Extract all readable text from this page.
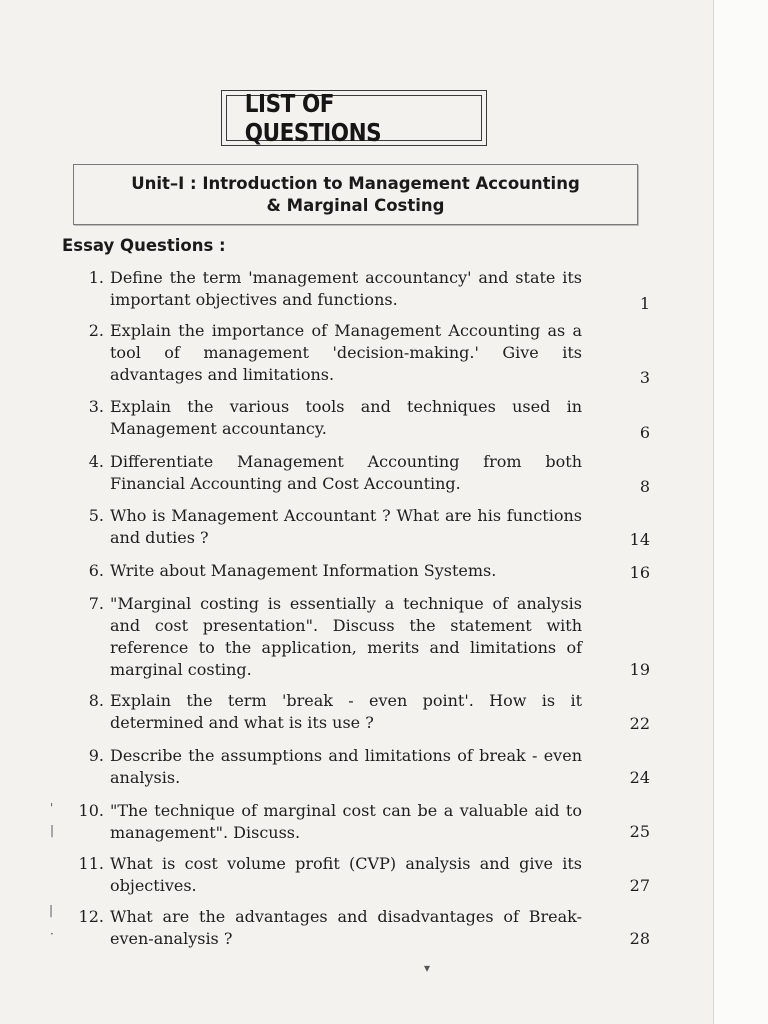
LIST OF QUESTIONS
Unit–I : Introduction to Management Accounting
& Marginal Costing
Essay Questions :
1. Define the term 'management accountancy' and state its important objectives and functions.	1
2. Explain the importance of Management Accounting as a tool of management 'decision-making.' Give its advantages and limitations.	3
3. Explain the various tools and techniques used in Management accountancy.	6
4. Differentiate Management Accounting from both Financial Accounting and Cost Accounting.	8
5. Who is Management Accountant ? What are his functions and duties ?	14
6. Write about Management Information Systems.	16
7. "Marginal costing is essentially a technique of analysis and cost presentation". Discuss the statement with reference to the application, merits and limitations of marginal costing.	19
8. Explain the term 'break - even point'. How is it determined and what is its use ?	22
9. Describe the assumptions and limitations of break - even analysis.	24
10. "The technique of marginal cost can be a valuable aid to management". Discuss.	25
11. What is cost volume profit (CVP) analysis and give its objectives.	27
12. What are the advantages and disadvantages of Break-even-analysis ?	28
'
|
|
·
▾
